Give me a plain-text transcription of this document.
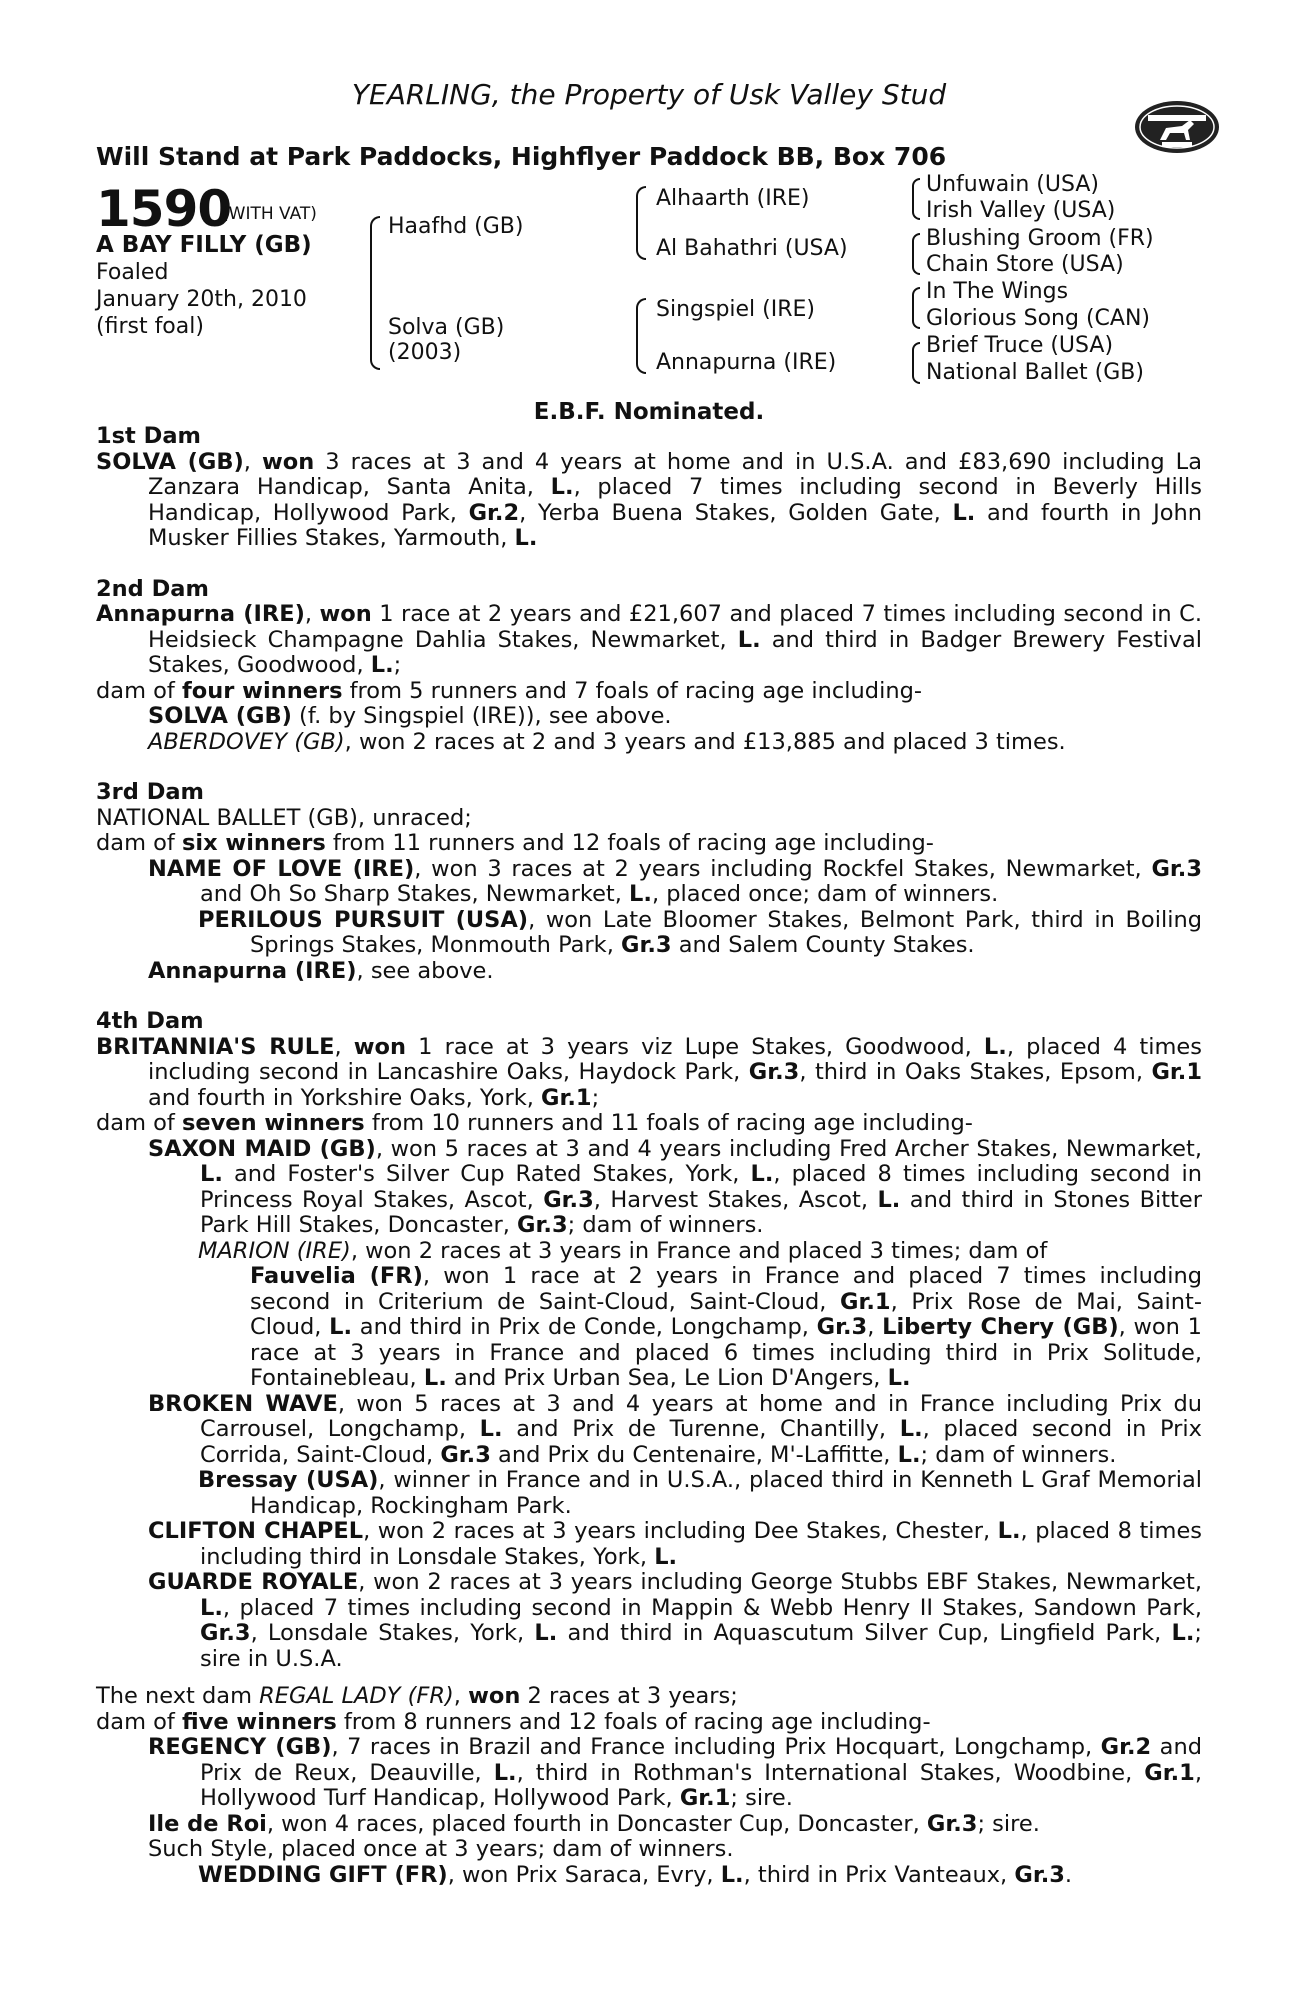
YEARLING, the Property of Usk Valley Stud
Will Stand at Park Paddocks, Highflyer Paddock BB, Box 706
1590
(WITH VAT)
A BAY FILLY (GB)
Foaled
January 20th, 2010
(first foal)
Haafhd (GB)
Solva (GB)
(2003)
Alhaarth (IRE)
Al Bahathri (USA)
Singspiel (IRE)
Annapurna (IRE)
Unfuwain (USA)
Irish Valley (USA)
Blushing Groom (FR)
Chain Store (USA)
In The Wings
Glorious Song (CAN)
Brief Truce (USA)
National Ballet (GB)
E.B.F. Nominated.

1st Dam

SOLVA (GB), won 3 races at 3 and 4 years at home and in U.S.A. and £83,690 including La Zanzara Handicap, Santa Anita, L., placed 7 times including second in Beverly Hills Handicap, Hollywood Park, Gr.2, Yerba Buena Stakes, Golden Gate, L. and fourth in John Musker Fillies Stakes, Yarmouth, L.

2nd Dam

Annapurna (IRE), won 1 race at 2 years and £21,607 and placed 7 times including second in C. Heidsieck Champagne Dahlia Stakes, Newmarket, L. and third in Badger Brewery Festival Stakes, Goodwood, L.;

dam of four winners from 5 runners and 7 foals of racing age including-

SOLVA (GB) (f. by Singspiel (IRE)), see above.

ABERDOVEY (GB), won 2 races at 2 and 3 years and £13,885 and placed 3 times.

3rd Dam

NATIONAL BALLET (GB), unraced;

dam of six winners from 11 runners and 12 foals of racing age including-

NAME OF LOVE (IRE), won 3 races at 2 years including Rockfel Stakes, Newmarket, Gr.3 and Oh So Sharp Stakes, Newmarket, L., placed once; dam of winners.

PERILOUS PURSUIT (USA), won Late Bloomer Stakes, Belmont Park, third in Boiling Springs Stakes, Monmouth Park, Gr.3 and Salem County Stakes.

Annapurna (IRE), see above.

4th Dam

BRITANNIA'S RULE, won 1 race at 3 years viz Lupe Stakes, Goodwood, L., placed 4 times including second in Lancashire Oaks, Haydock Park, Gr.3, third in Oaks Stakes, Epsom, Gr.1 and fourth in Yorkshire Oaks, York, Gr.1;

dam of seven winners from 10 runners and 11 foals of racing age including-

SAXON MAID (GB), won 5 races at 3 and 4 years including Fred Archer Stakes, Newmarket, L. and Foster's Silver Cup Rated Stakes, York, L., placed 8 times including second in Princess Royal Stakes, Ascot, Gr.3, Harvest Stakes, Ascot, L. and third in Stones Bitter Park Hill Stakes, Doncaster, Gr.3; dam of winners.

MARION (IRE), won 2 races at 3 years in France and placed 3 times; dam of

Fauvelia (FR), won 1 race at 2 years in France and placed 7 times including second in Criterium de Saint-Cloud, Saint-Cloud, Gr.1, Prix Rose de Mai, Saint-Cloud, L. and third in Prix de Conde, Longchamp, Gr.3, Liberty Chery (GB), won 1 race at 3 years in France and placed 6 times including third in Prix Solitude, Fontainebleau, L. and Prix Urban Sea, Le Lion D'Angers, L.

BROKEN WAVE, won 5 races at 3 and 4 years at home and in France including Prix du Carrousel, Longchamp, L. and Prix de Turenne, Chantilly, L., placed second in Prix Corrida, Saint-Cloud, Gr.3 and Prix du Centenaire, M'-Laffitte, L.; dam of winners.

Bressay (USA), winner in France and in U.S.A., placed third in Kenneth L Graf Memorial Handicap, Rockingham Park.

CLIFTON CHAPEL, won 2 races at 3 years including Dee Stakes, Chester, L., placed 8 times including third in Lonsdale Stakes, York, L.

GUARDE ROYALE, won 2 races at 3 years including George Stubbs EBF Stakes, Newmarket, L., placed 7 times including second in Mappin & Webb Henry II Stakes, Sandown Park, Gr.3, Lonsdale Stakes, York, L. and third in Aquascutum Silver Cup, Lingfield Park, L.; sire in U.S.A.

The next dam REGAL LADY (FR), won 2 races at 3 years;

dam of five winners from 8 runners and 12 foals of racing age including-

REGENCY (GB), 7 races in Brazil and France including Prix Hocquart, Longchamp, Gr.2 and Prix de Reux, Deauville, L., third in Rothman's International Stakes, Woodbine, Gr.1, Hollywood Turf Handicap, Hollywood Park, Gr.1; sire.

Ile de Roi, won 4 races, placed fourth in Doncaster Cup, Doncaster, Gr.3; sire.

Such Style, placed once at 3 years; dam of winners.

WEDDING GIFT (FR), won Prix Saraca, Evry, L., third in Prix Vanteaux, Gr.3.
